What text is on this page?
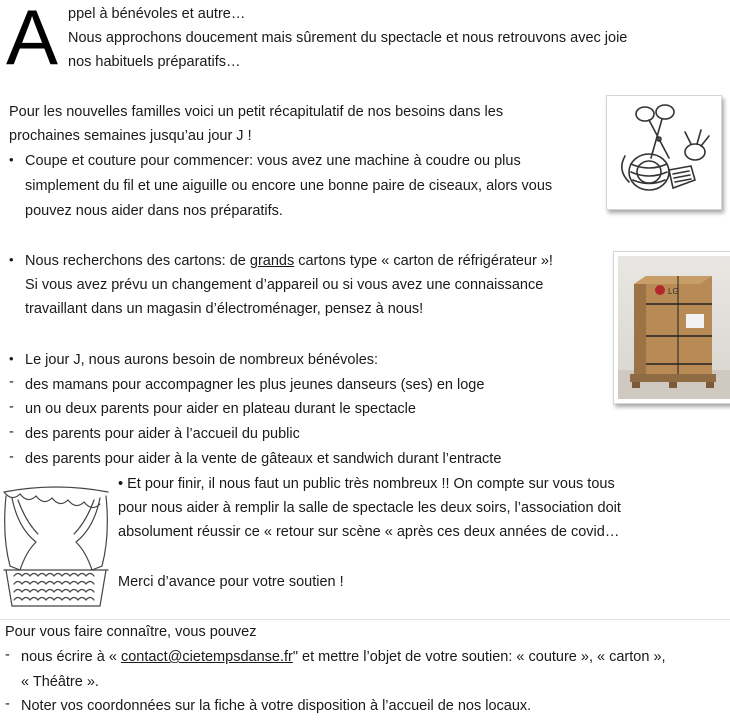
A ppel à bénévoles et autre…
Nous approchons doucement mais sûrement du spectacle et nous retrouvons avec joie
nos habituels préparatifs…
Pour les nouvelles familles voici un petit récapitulatif de nos besoins dans les
prochaines semaines jusqu’au jour J !
• Coupe et couture pour commencer: vous avez une machine à coudre ou plus
simplement du fil et une aiguille ou encore une bonne paire de ciseaux, alors vous
pouvez nous aider dans nos préparatifs.
• Nous recherchons des cartons: de grands cartons type « carton de réfrigérateur »!
Si vous avez prévu un changement d’appareil ou si vous avez une connaissance
travaillant dans un magasin d’électroménager, pensez à nous!
LG
• Le jour J, nous aurons besoin de nombreux bénévoles:
- des mamans pour accompagner les plus jeunes danseurs (ses) en loge
- un ou deux parents pour aider en plateau durant le spectacle
- des parents pour aider à l’accueil du public
- des parents pour aider à la vente de gâteaux et sandwich durant l’entracte
• Et pour finir, il nous faut un public très nombreux !! On compte sur vous tous
pour nous aider à remplir la salle de spectacle les deux soirs, l’association doit
absolument réussir ce « retour sur scène « après ces deux années de covid…
Merci d’avance pour votre soutien !
Pour vous faire connaître, vous pouvez
- nous écrire à « contact@cietempsdanse.fr" et mettre l’objet de votre soutien: « couture », « carton »,
« Théâtre ».
- Noter vos coordonnées sur la fiche à votre disposition à l’accueil de nos locaux.
